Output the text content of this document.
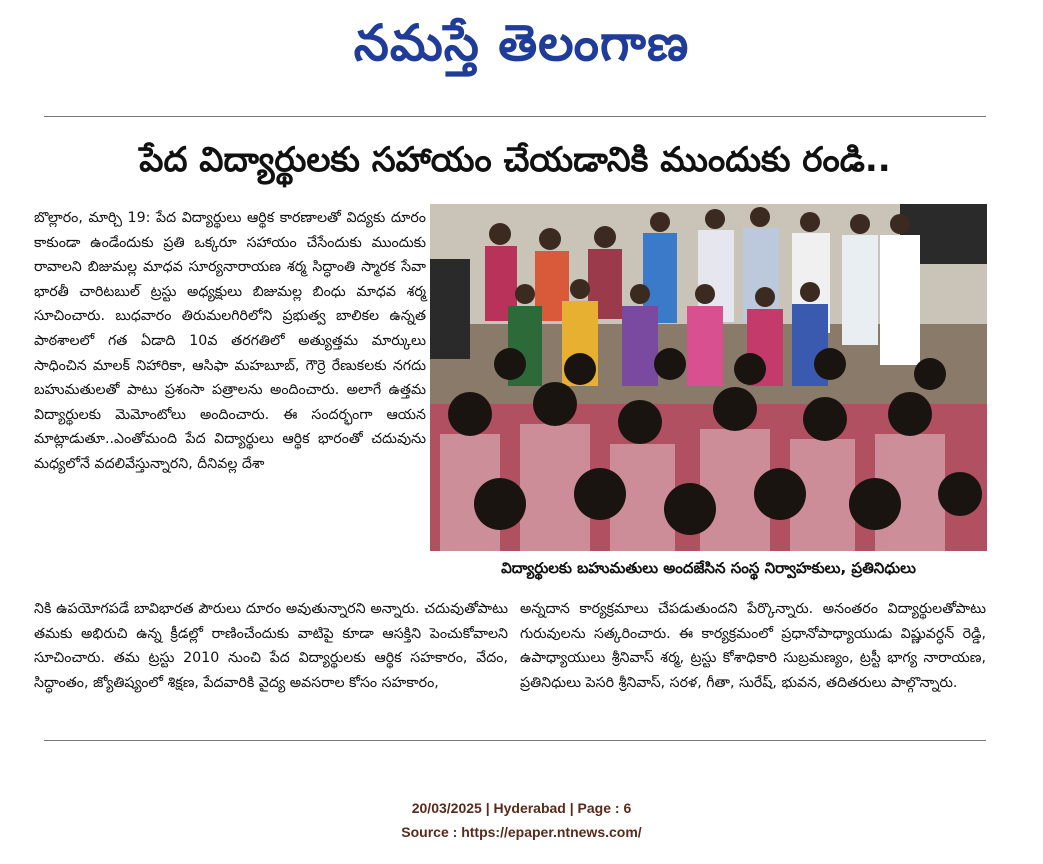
నమస్తే తెలంగాణ
పేద విద్యార్థులకు సహాయం చేయడానికి ముందుకు రండి..

బొల్లారం, మార్చి 19: పేద విద్యార్థులు ఆర్థిక కారణాలతో విద్యకు దూరం కాకుండా ఉండేందుకు ప్రతి ఒక్కరూ సహాయం చేసేందుకు ముందుకు రావాలని బిజుమల్ల మాధవ సూర్యనారాయణ శర్మ సిద్ధాంతి స్మారక సేవా భారతీ చారిటబుల్ ట్రస్టు అధ్యక్షులు బిజుమల్ల బింధు మాధవ శర్మ సూచించారు. బుధవారం తిరుమలగిరిలోని ప్రభుత్వ బాలికల ఉన్నత పాఠశాలలో గత ఏడాది 10వ తరగతిలో అత్యుత్తమ మార్కులు సాధించిన మాలక్ నిహారికా, ఆసిఫా మహబూబ్, గౌర్రె రేణుకలకు నగదు బహుమతులతో పాటు ప్రశంసా పత్రాలను అందించారు. అలాగే ఉత్తమ విద్యార్థులకు మెమోంటోలు అందించారు. ఈ సందర్భంగా ఆయన మాట్లాడుతూ..ఎంతోమంది పేద విద్యార్థులు ఆర్థిక భారంతో చదువును మధ్యలోనే వదలివేస్తున్నారని, దీనివల్ల దేశా

విద్యార్థులకు బహుమతులు అందజేసిన సంస్థ నిర్వాహకులు, ప్రతినిధులు

నికి ఉపయోగపడే బావిభారత పౌరులు దూరం అవుతున్నారని అన్నారు. చదువుతోపాటు తమకు అభిరుచి ఉన్న క్రీడల్లో రాణించేందుకు వాటిపై కూడా ఆసక్తిని పెంచుకోవాలని సూచించారు. తమ ట్రస్టు 2010 నుంచి పేద విద్యార్థులకు ఆర్థిక సహకారం, వేదం, సిద్ధాంతం, జ్యోతిష్యంలో శిక్షణ, పేదవారికి వైద్య అవసరాల కోసం సహకారం,

అన్నదాన కార్యక్రమాలు చేపడుతుందని పేర్కొన్నారు. అనంతరం విద్యార్థులతోపాటు గురువులను సత్కరించారు. ఈ కార్యక్రమంలో ప్రధానోపాధ్యాయుడు విష్ణువర్ధన్ రెడ్డి, ఉపాధ్యాయులు శ్రీనివాస్ శర్మ, ట్రస్టు కోశాధికారి సుబ్రమణ్యం, ట్రస్టీ భాగ్య నారాయణ, ప్రతినిధులు పెసరి శ్రీనివాస్, సరళ, గీతా, సురేష్, భువన, తదితరులు పాల్గొన్నారు.

20/03/2025 | Hyderabad | Page : 6
Source : https://epaper.ntnews.com/
